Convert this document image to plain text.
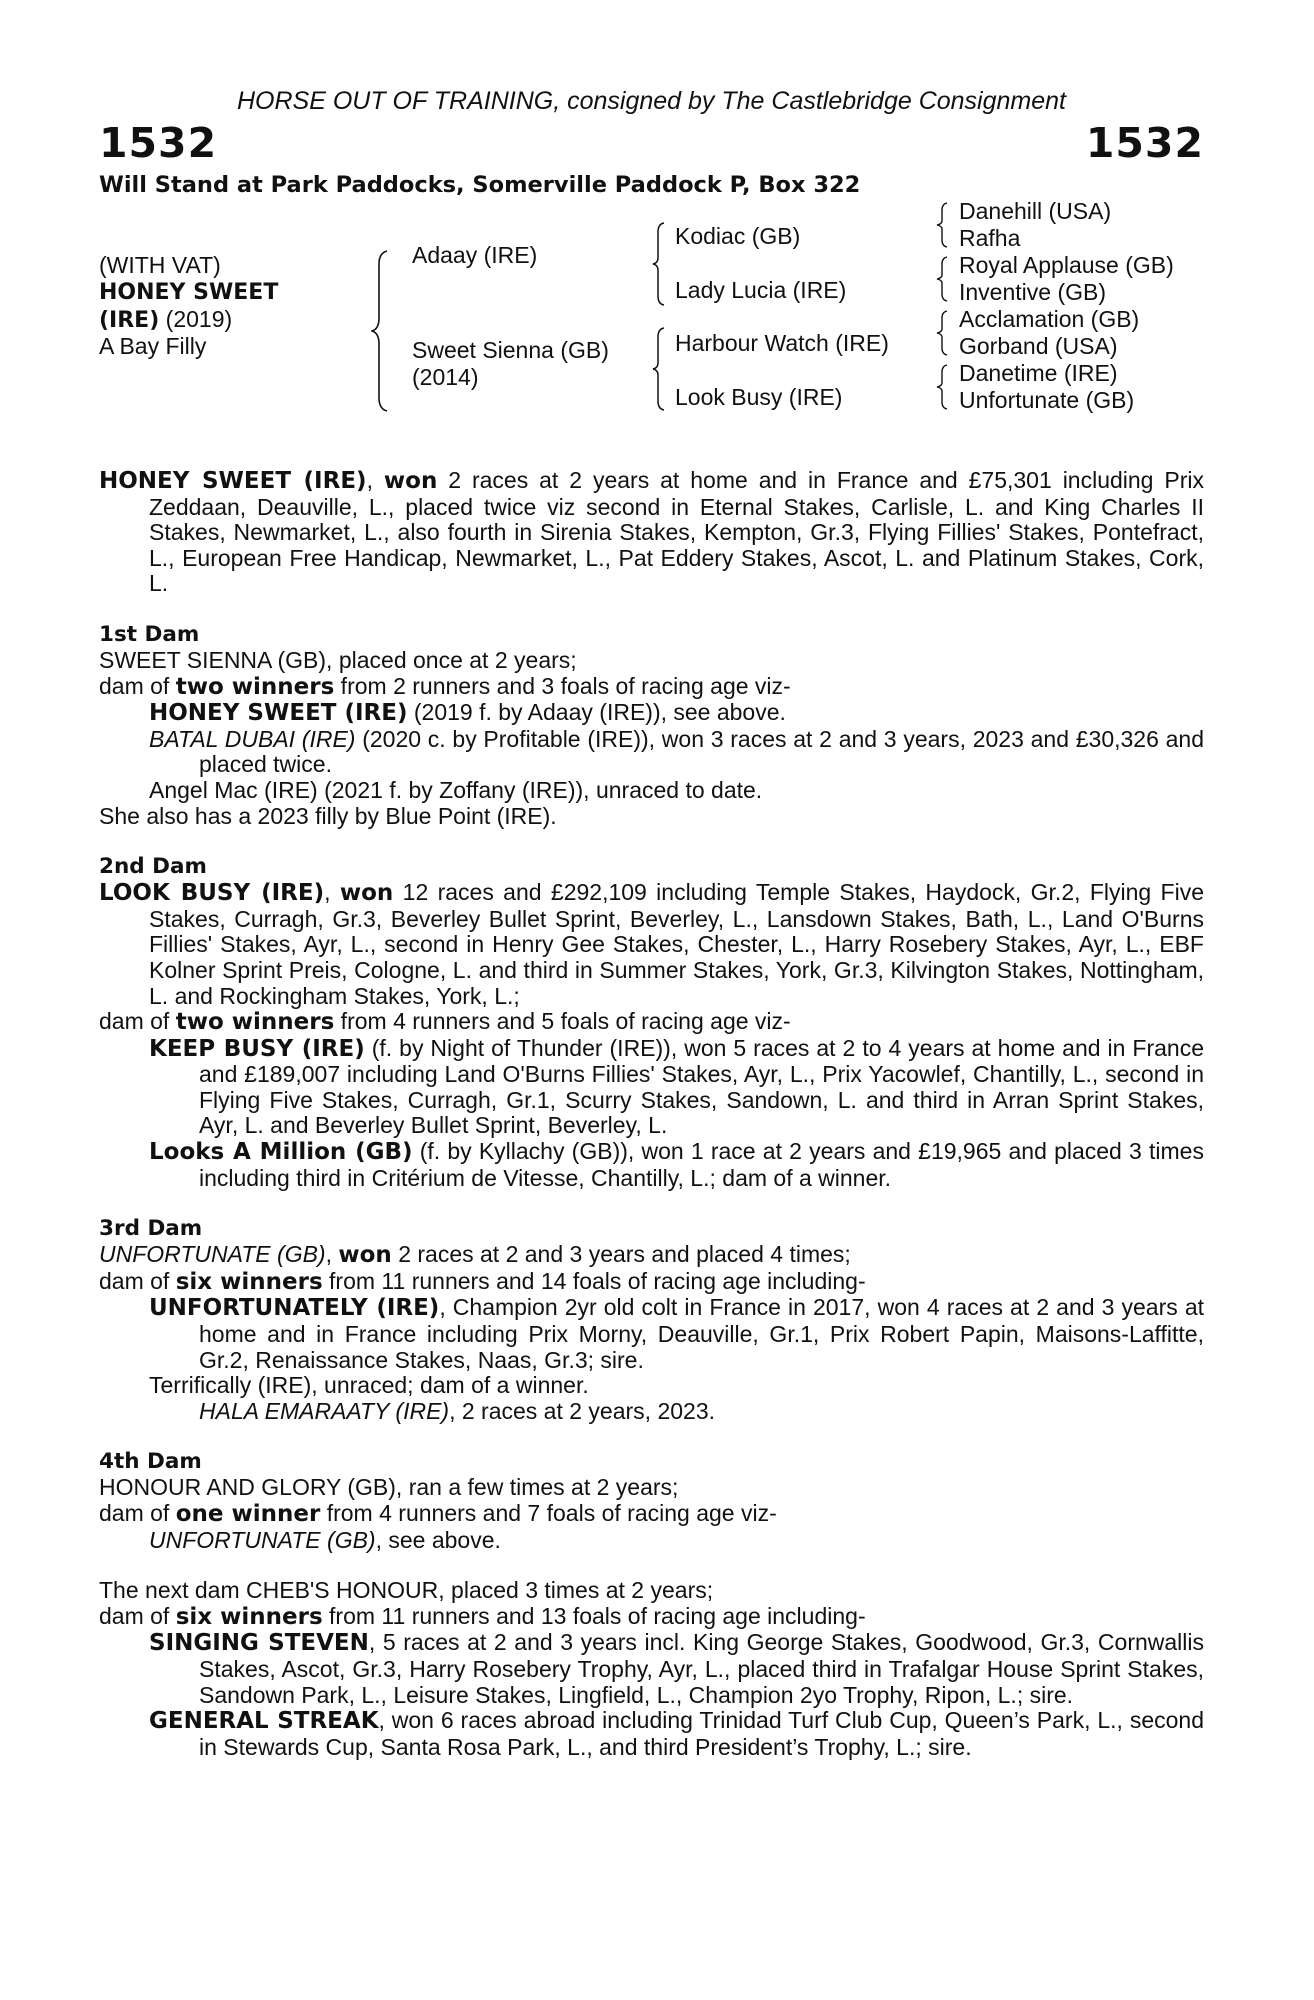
HORSE OUT OF TRAINING, consigned by The Castlebridge Consignment
1532	1532
Will Stand at Park Paddocks, Somerville Paddock P, Box 322
(WITH VAT)
HONEY SWEET
(IRE) (2019)
A Bay Filly
Adaay (IRE)
Sweet Sienna (GB)
(2014)
Kodiac (GB)
Lady Lucia (IRE)
Harbour Watch (IRE)
Look Busy (IRE)
Danehill (USA)
Rafha
Royal Applause (GB)
Inventive (GB)
Acclamation (GB)
Gorband (USA)
Danetime (IRE)
Unfortunate (GB)

HONEY SWEET (IRE), won 2 races at 2 years at home and in France and £75,301 including Prix Zeddaan, Deauville, L., placed twice viz second in Eternal Stakes, Carlisle, L. and King Charles II Stakes, Newmarket, L., also fourth in Sirenia Stakes, Kempton, Gr.3, Flying Fillies' Stakes, Pontefract, L., European Free Handicap, Newmarket, L., Pat Eddery Stakes, Ascot, L. and Platinum Stakes, Cork, L.

1st Dam

SWEET SIENNA (GB), placed once at 2 years;

dam of two winners from 2 runners and 3 foals of racing age viz-

HONEY SWEET (IRE) (2019 f. by Adaay (IRE)), see above.

BATAL DUBAI (IRE) (2020 c. by Profitable (IRE)), won 3 races at 2 and 3 years, 2023 and £30,326 and placed twice.

Angel Mac (IRE) (2021 f. by Zoffany (IRE)), unraced to date.

She also has a 2023 filly by Blue Point (IRE).

2nd Dam

LOOK BUSY (IRE), won 12 races and £292,109 including Temple Stakes, Haydock, Gr.2, Flying Five Stakes, Curragh, Gr.3, Beverley Bullet Sprint, Beverley, L., Lansdown Stakes, Bath, L., Land O'Burns Fillies' Stakes, Ayr, L., second in Henry Gee Stakes, Chester, L., Harry Rosebery Stakes, Ayr, L., EBF Kolner Sprint Preis, Cologne, L. and third in Summer Stakes, York, Gr.3, Kilvington Stakes, Nottingham, L. and Rockingham Stakes, York, L.;

dam of two winners from 4 runners and 5 foals of racing age viz-

KEEP BUSY (IRE) (f. by Night of Thunder (IRE)), won 5 races at 2 to 4 years at home and in France and £189,007 including Land O'Burns Fillies' Stakes, Ayr, L., Prix Yacowlef, Chantilly, L., second in Flying Five Stakes, Curragh, Gr.1, Scurry Stakes, Sandown, L. and third in Arran Sprint Stakes, Ayr, L. and Beverley Bullet Sprint, Beverley, L.

Looks A Million (GB) (f. by Kyllachy (GB)), won 1 race at 2 years and £19,965 and placed 3 times including third in Critérium de Vitesse, Chantilly, L.; dam of a winner.

3rd Dam

UNFORTUNATE (GB), won 2 races at 2 and 3 years and placed 4 times;

dam of six winners from 11 runners and 14 foals of racing age including-

UNFORTUNATELY (IRE), Champion 2yr old colt in France in 2017, won 4 races at 2 and 3 years at home and in France including Prix Morny, Deauville, Gr.1, Prix Robert Papin, Maisons-Laffitte, Gr.2, Renaissance Stakes, Naas, Gr.3; sire.

Terrifically (IRE), unraced; dam of a winner.

HALA EMARAATY (IRE), 2 races at 2 years, 2023.

4th Dam

HONOUR AND GLORY (GB), ran a few times at 2 years;

dam of one winner from 4 runners and 7 foals of racing age viz-

UNFORTUNATE (GB), see above.

The next dam CHEB'S HONOUR, placed 3 times at 2 years;

dam of six winners from 11 runners and 13 foals of racing age including-

SINGING STEVEN, 5 races at 2 and 3 years incl. King George Stakes, Goodwood, Gr.3, Cornwallis Stakes, Ascot, Gr.3, Harry Rosebery Trophy, Ayr, L., placed third in Trafalgar House Sprint Stakes, Sandown Park, L., Leisure Stakes, Lingfield, L., Champion 2yo Trophy, Ripon, L.; sire.

GENERAL STREAK, won 6 races abroad including Trinidad Turf Club Cup, Queen’s Park, L., second in Stewards Cup, Santa Rosa Park, L., and third President’s Trophy, L.; sire.
